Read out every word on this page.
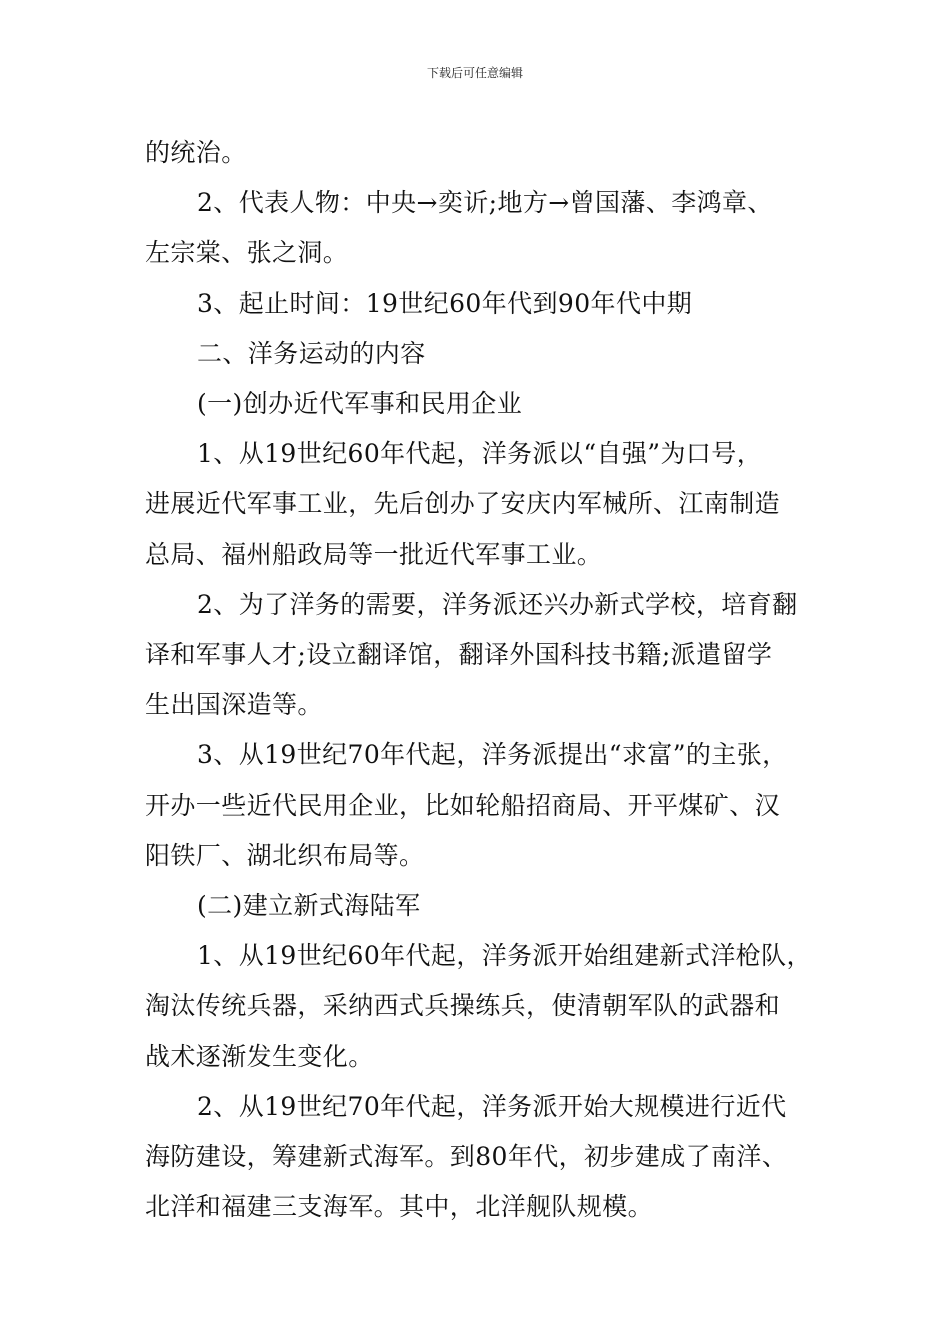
下载后可任意编辑

的统治。

2、代表人物：中央→奕䜣;地方→曾国藩、李鸿章、

左宗棠、张之洞。

3、起止时间：19世纪60年代到90年代中期

二、洋务运动的内容

(一)创办近代军事和民用企业

1、从19世纪60年代起，洋务派以“自强”为口号，

进展近代军事工业，先后创办了安庆内军械所、江南制造

总局、福州船政局等一批近代军事工业。

2、为了洋务的需要，洋务派还兴办新式学校，培育翻

译和军事人才;设立翻译馆，翻译外国科技书籍;派遣留学

生出国深造等。

3、从19世纪70年代起，洋务派提出“求富”的主张，

开办一些近代民用企业，比如轮船招商局、开平煤矿、汉

阳铁厂、湖北织布局等。

(二)建立新式海陆军

1、从19世纪60年代起，洋务派开始组建新式洋枪队，

淘汰传统兵器，采纳西式兵操练兵，使清朝军队的武器和

战术逐渐发生变化。

2、从19世纪70年代起，洋务派开始大规模进行近代

海防建设，筹建新式海军。到80年代，初步建成了南洋、

北洋和福建三支海军。其中，北洋舰队规模。
